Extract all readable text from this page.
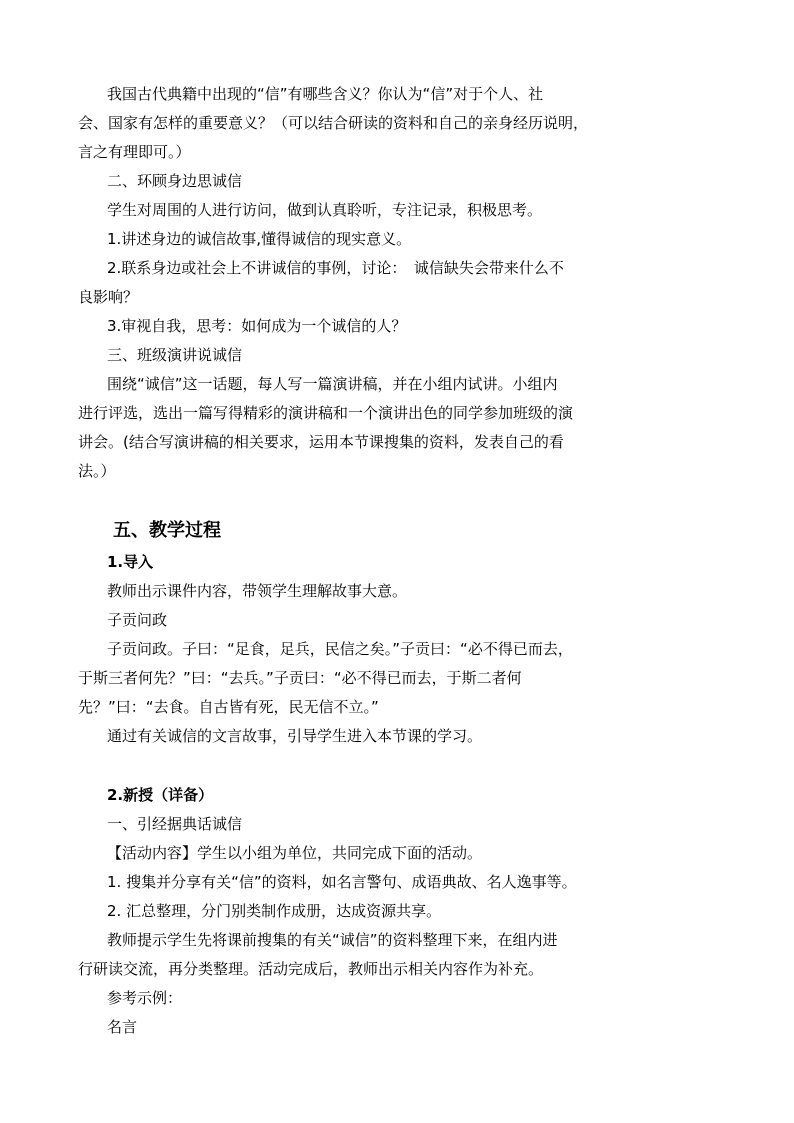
我国古代典籍中出现的“信”有哪些含义？你认为“信”对于个人、社
会、国家有怎样的重要意义？（可以结合研读的资料和自己的亲身经历说明，
言之有理即可。）
二、环顾身边思诚信
学生对周围的人进行访问，做到认真聆听，专注记录，积极思考。
1.讲述身边的诚信故事,懂得诚信的现实意义。
2.联系身边或社会上不讲诚信的事例，讨论：　诚信缺失会带来什么不
良影响？
3.审视自我，思考：如何成为一个诚信的人？
三、班级演讲说诚信
围绕“诚信”这一话题，每人写一篇演讲稿，并在小组内试讲。小组内
进行评选，选出一篇写得精彩的演讲稿和一个演讲出色的同学参加班级的演
讲会。(结合写演讲稿的相关要求，运用本节课搜集的资料，发表自己的看
法。）
五、教学过程
1.导入
教师出示课件内容，带领学生理解故事大意。
子贡问政
子贡问政。子曰：“足食，足兵，民信之矣。”子贡曰：“必不得已而去，
于斯三者何先？”曰：“去兵。”子贡曰：“必不得已而去，于斯二者何
先？”曰：“去食。自古皆有死，民无信不立。”
通过有关诚信的文言故事，引导学生进入本节课的学习。
2.新授（详备）
一、引经据典话诚信
【活动内容】学生以小组为单位，共同完成下面的活动。
1. 搜集并分享有关“信”的资料，如名言警句、成语典故、名人逸事等。
2. 汇总整理，分门别类制作成册，达成资源共享。
教师提示学生先将课前搜集的有关“诚信”的资料整理下来，在组内进
行研读交流，再分类整理。活动完成后，教师出示相关内容作为补充。
参考示例：
名言
